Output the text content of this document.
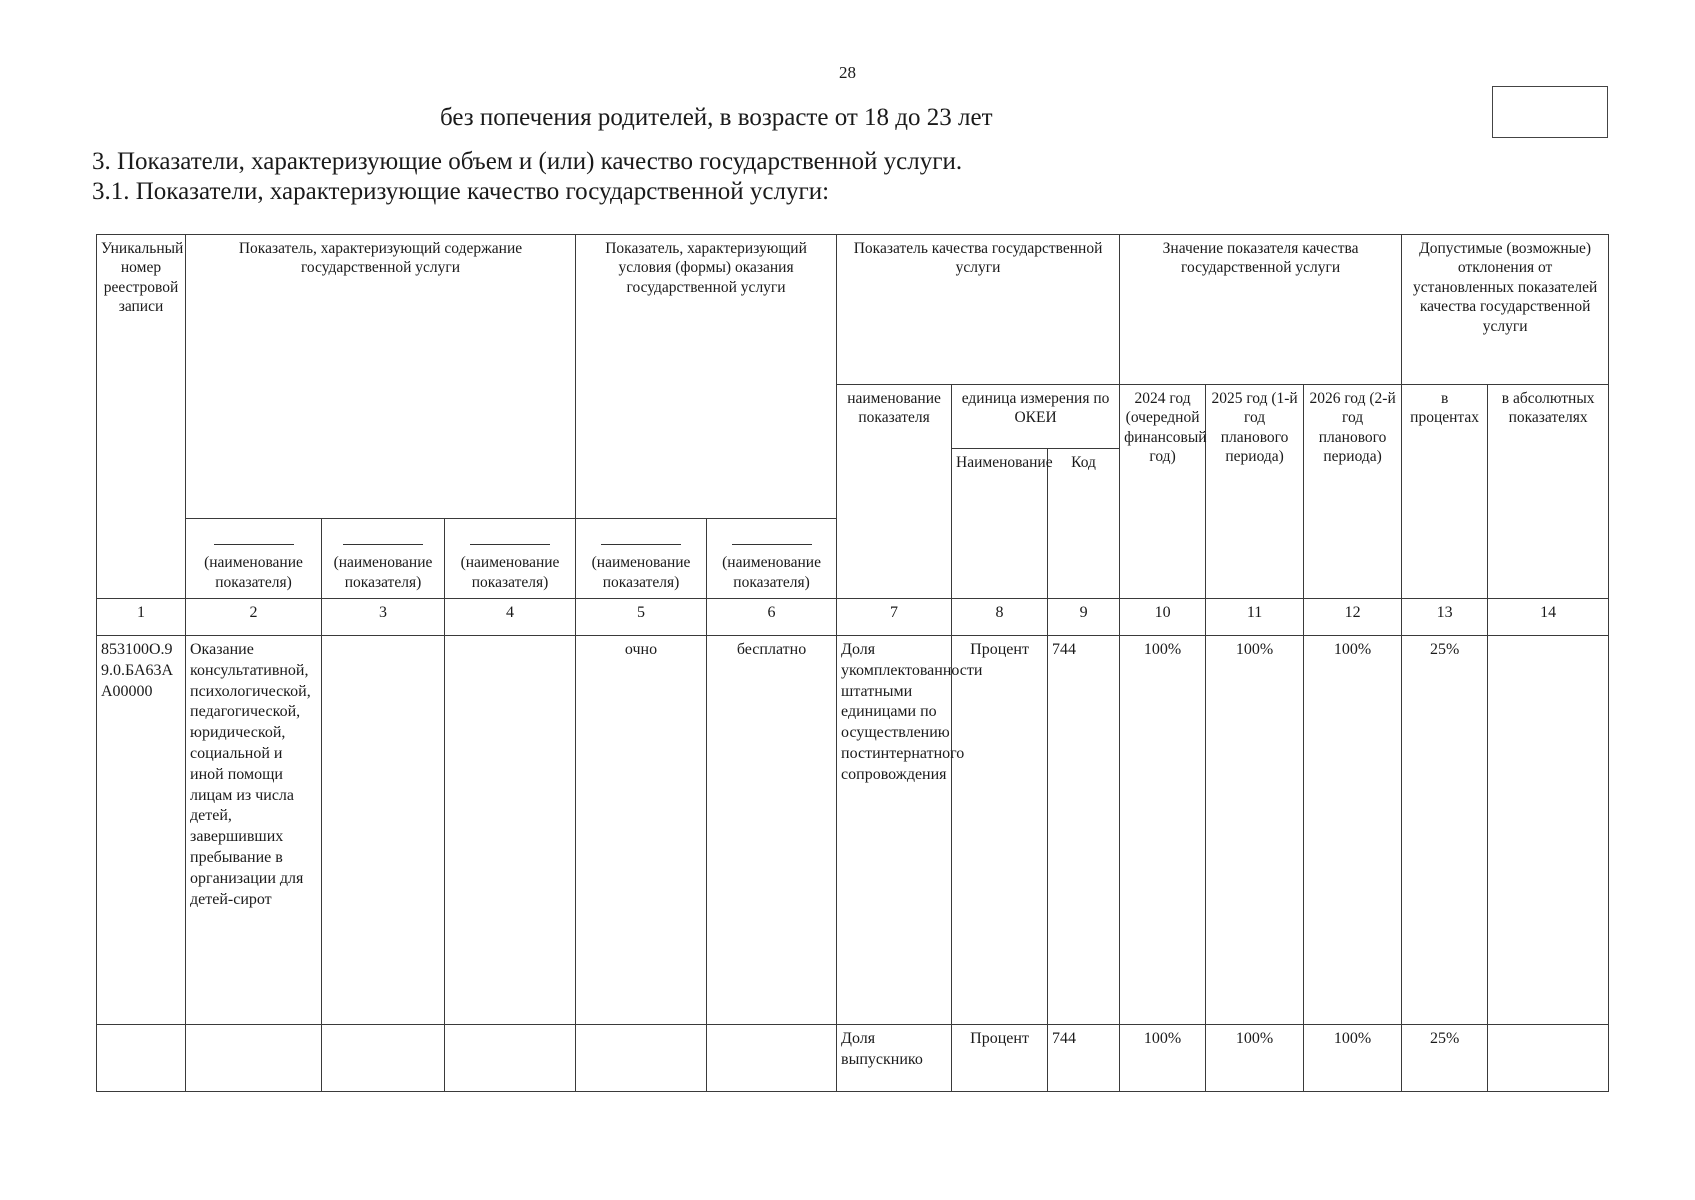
28
без попечения родителей, в возрасте от 18 до 23 лет
3. Показатели, характеризующие объем и (или) качество государственной услуги.
3.1. Показатели, характеризующие качество государственной услуги:
Уникальный номер реестровой записи	Показатель, характеризующий содержание государственной услуги			Показатель, характеризующий условия (формы) оказания государственной услуги		Показатель качества государственной услуги			Значение показателя качества государственной услуги			Допустимые (возможные) отклонения от установленных показателей качества государственной услуги	
						наименование показателя	единица измерения по ОКЕИ		2024 год (очередной финансовый год)	2025 год (1-й год планового периода)	2026 год (2-й год планового периода)	в процентах	в абсолютных показателях
							Наименование	Код					

(наименование показателя)	(наименование показателя)	(наименование показателя)	(наименование показателя)	(наименование показателя)								
1	2	3	4	5	6	7	8	9	10	11	12	13	14
853100О.99.0.БА63АА00000	Оказание консультативной, психологической, педагогической, юридической, социальной и иной помощи лицам из числа детей, завершивших пребывание в организации для детей-сирот			очно	бесплатно	Доля укомплектованности штатными единицами по осуществлению постинтернатного сопровождения	Процент	744	100%	100%	100%	25%	
						Доля выпускнико	Процент	744	100%	100%	100%	25%	
